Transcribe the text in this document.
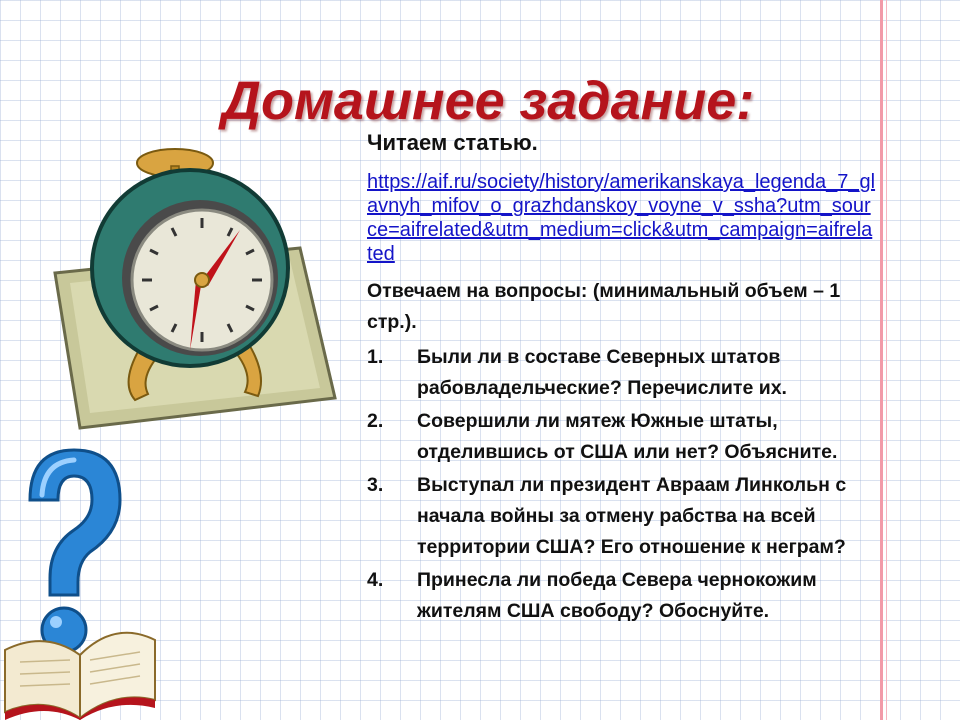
Домашнее задание:

Читаем статью.

https://aif.ru/society/history/amerikanskaya_legenda_7_glavnyh_mifov_o_grazhdanskoy_voyne_v_ssha?utm_source=aifrelated&utm_medium=click&utm_campaign=aifrelated

Отвечаем на вопросы: (минимальный объем – 1 стр.).

1. Были ли в составе Северных штатов рабовладельческие? Перечислите их.
2. Совершили ли мятеж Южные штаты, отделившись от США или нет? Объясните.
3. Выступал ли президент Авраам Линкольн с начала войны за отмену рабства на всей территории США? Его отношение к неграм?
4. Принесла ли победа Севера чернокожим жителям США свободу? Обоснуйте.
